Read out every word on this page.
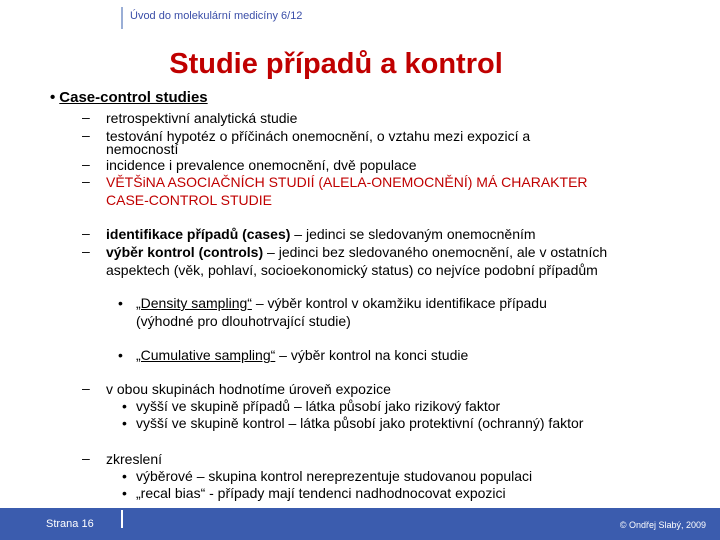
Úvod do molekulární medicíny 6/12
Studie případů a kontrol
• Case-control studies
– retrospektivní analytická studie
– testování hypotéz o příčinách onemocnění, o vztahu mezi expozicí a
nemocností
– incidence i prevalence onemocnění, dvě populace
– VĚTŠiNA ASOCIAČNÍCH STUDIÍ (ALELA-ONEMOCNĚNÍ) MÁ CHARAKTER
CASE-CONTROL STUDIE
– identifikace případů (cases) – jedinci se sledovaným onemocněním
– výběr kontrol (controls) – jedinci bez sledovaného onemocnění, ale v ostatních
aspektech (věk, pohlaví, socioekonomický status) co nejvíce podobní případům
• „Density sampling“ – výběr kontrol v okamžiku identifikace případu
(výhodné pro dlouhotrvající studie)
• „Cumulative sampling“ – výběr kontrol na konci studie
– v obou skupinách hodnotíme úroveň expozice
• vyšší ve skupině případů – látka působí jako rizikový faktor
• vyšší ve skupině kontrol – látka působí jako protektivní (ochranný) faktor
– zkreslení
• výběrové – skupina kontrol nereprezentuje studovanou populaci
• „recal bias“ - případy mají tendenci nadhodnocovat expozici
Strana 16	© Ondřej Slabý, 2009
